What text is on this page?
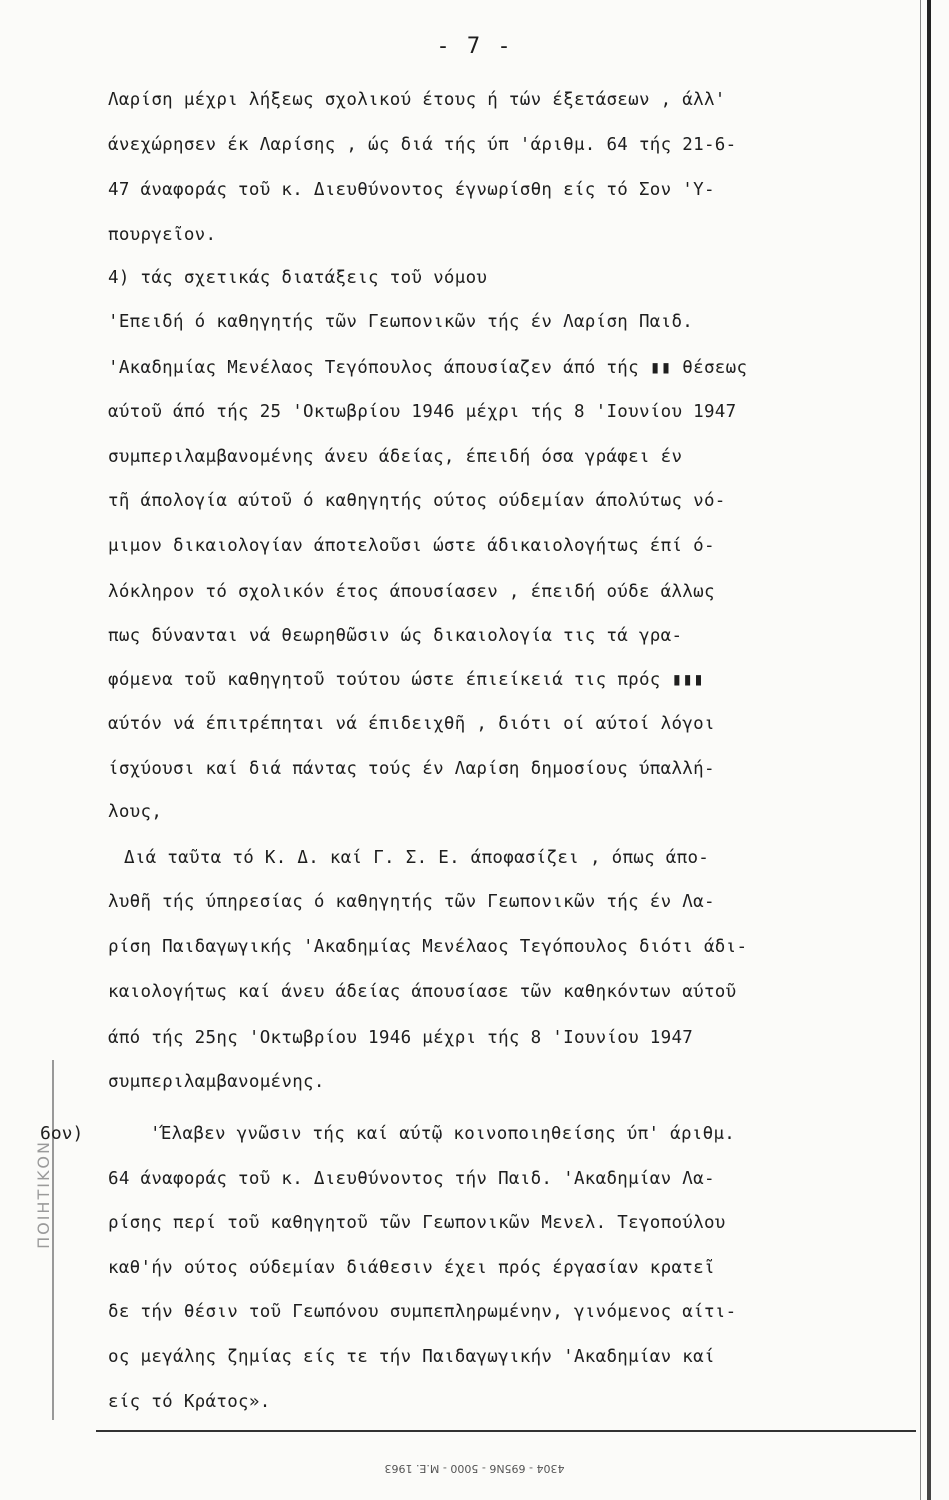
ΠΟΙΗΤΙΚΟΝ
- 7 -
6ον)
Λαρίση μέχρι λήξεως σχολικού έτους ή τών έξετάσεων , άλλ'
άνεχώρησεν έκ Λαρίσης , ώς διά τής ύπ 'άριθμ. 64 τής 21-6-
47 άναφοράς τοῦ κ. Διευθύνοντος έγνωρίσθη είς τό Σον 'Υ-
πουργεῖον.
4) τάς σχετικάς διατάξεις τοῦ νόμου
'Επειδή ό καθηγητής τῶν Γεωπονικῶν τής έν Λαρίση Παιδ.
'Ακαδημίας Μενέλαος Τεγόπουλος άπουσίαζεν άπό τής ▮▮ θέσεως
αύτοῦ άπό τής 25 'Οκτωβρίου 1946 μέχρι τής 8 'Ιουνίου 1947
συμπεριλαμβανομένης άνευ άδείας, έπειδή όσα γράφει έν
τῆ άπολογία αύτοῦ ό καθηγητής ούτος ούδεμίαν άπολύτως νό-
μιμον δικαιολογίαν άποτελοῦσι ώστε άδικαιολογήτως έπί ό-
λόκληρον τό σχολικόν έτος άπουσίασεν , έπειδή ούδε άλλως
πως δύνανται νά θεωρηθῶσιν ώς δικαιολογία τις τά γρα-
φόμενα τοῦ καθηγητοῦ τούτου ώστε έπιείκειά τις πρός ▮▮▮
αύτόν νά έπιτρέπηται νά έπιδειχθῆ , διότι οί αύτοί λόγοι
ίσχύουσι καί διά πάντας τούς έν Λαρίση δημοσίους ύπαλλή-
λους,
Διά ταῦτα τό Κ. Δ. καί Γ. Σ. Ε. άποφασίζει , όπως άπο-
λυθῆ τής ύπηρεσίας ό καθηγητής τῶν Γεωπονικῶν τής έν Λα-
ρίση Παιδαγωγικής 'Ακαδημίας Μενέλαος Τεγόπουλος διότι άδι-
καιολογήτως καί άνευ άδείας άπουσίασε τῶν καθηκόντων αύτοῦ
άπό τής 25ης 'Οκτωβρίου 1946 μέχρι τής 8 'Ιουνίου 1947
συμπεριλαμβανομένης.
'Έλαβεν γνῶσιν τής καί αύτῷ κοινοποιηθείσης ύπ' άριθμ.
64 άναφοράς τοῦ κ. Διευθύνοντος τήν Παιδ. 'Ακαδημίαν Λα-
ρίσης περί τοῦ καθηγητοῦ τῶν Γεωπονικῶν Μενελ. Τεγοπούλου
καθ'ήν ούτος ούδεμίαν διάθεσιν έχει πρός έργασίαν κρατεῖ
δε τήν θέσιν τοῦ Γεωπόνου συμπεπληρωμένην, γινόμενος αίτι-
ος μεγάλης ζημίας είς τε τήν Παιδαγωγικήν 'Ακαδημίαν καί
είς τό Κράτος».
4304 - 695Ν6 - 5000 - Μ.Ε. 1963
